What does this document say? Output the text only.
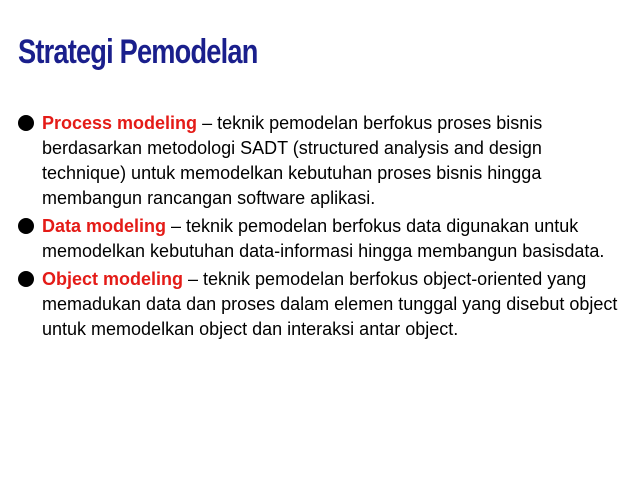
Strategi Pemodelan
Process modeling – teknik pemodelan berfokus proses bisnis berdasarkan metodologi SADT (structured analysis and design technique) untuk memodelkan kebutuhan proses bisnis hingga membangun rancangan software aplikasi.
Data modeling – teknik pemodelan berfokus data digunakan untuk memodelkan kebutuhan data-informasi hingga membangun basisdata.
Object modeling – teknik pemodelan berfokus object-oriented yang memadukan data dan proses dalam elemen tunggal yang disebut object untuk memodelkan object dan interaksi antar object.
